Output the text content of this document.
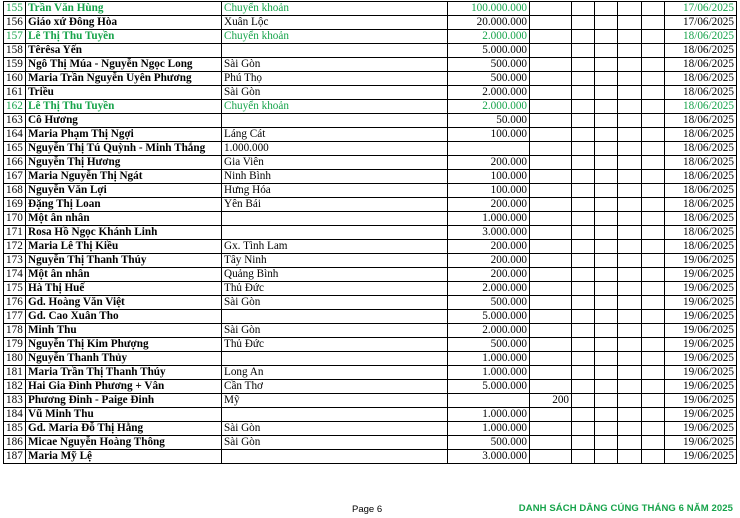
155	Trần Văn Hùng	Chuyển khoản	100.000.000						17/06/2025
156	Giáo xứ Đông Hòa	Xuân Lộc	20.000.000						17/06/2025
157	Lê Thị Thu Tuyền	Chuyển khoản	2.000.000						18/06/2025
158	Têrêsa Yến		5.000.000						18/06/2025
159	Ngô Thị Múa - Nguyễn Ngọc Long	Sài Gòn	500.000						18/06/2025
160	Maria Trần Nguyễn Uyên Phương	Phú Thọ	500.000						18/06/2025
161	Triều	Sài Gòn	2.000.000						18/06/2025
162	Lê Thị Thu Tuyền	Chuyển khoản	2.000.000						18/06/2025
163	Cô Hương		50.000						18/06/2025
164	Maria Phạm Thị Ngợi	Láng Cát	100.000						18/06/2025
165	Nguyễn Thị Tú Quỳnh - Minh Thắng	1.000.000							18/06/2025
166	Nguyễn Thị Hương	Gia Viên	200.000						18/06/2025
167	Maria Nguyễn Thị Ngát	Ninh Bình	100.000						18/06/2025
168	Nguyễn Văn Lợi	Hưng Hóa	100.000						18/06/2025
169	Đặng Thị Loan	Yên Bái	200.000						18/06/2025
170	Một ân nhân		1.000.000						18/06/2025
171	Rosa Hồ Ngọc Khánh Linh		3.000.000						18/06/2025
172	Maria Lê Thị Kiều	Gx. Tình Lam	200.000						18/06/2025
173	Nguyễn Thị Thanh Thúy	Tây Ninh	200.000						19/06/2025
174	Một ân nhân	Quảng Bình	200.000						19/06/2025
175	Hà Thị Huế	Thủ Đức	2.000.000						19/06/2025
176	Gd. Hoàng Văn Việt	Sài Gòn	500.000						19/06/2025
177	Gd. Cao Xuân Tho		5.000.000						19/06/2025
178	Minh Thu	Sài Gòn	2.000.000						19/06/2025
179	Nguyễn Thị Kim Phượng	Thủ Đức	500.000						19/06/2025
180	Nguyễn Thanh Thủy		1.000.000						19/06/2025
181	Maria Trần Thị Thanh Thúy	Long An	1.000.000						19/06/2025
182	Hai Gia Đình Phương + Vân	Cần Thơ	5.000.000						19/06/2025
183	Phương Đinh - Paige Đinh	Mỹ		200					19/06/2025
184	Vũ Minh Thu		1.000.000						19/06/2025
185	Gd. Maria Đỗ Thị Hằng	Sài Gòn	1.000.000						19/06/2025
186	Micae Nguyễn Hoàng Thông	Sài Gòn	500.000						19/06/2025
187	Maria Mỹ Lệ		3.000.000						19/06/2025
Page 6	DANH SÁCH DÂNG CÚNG THÁNG 6 NĂM 2025
